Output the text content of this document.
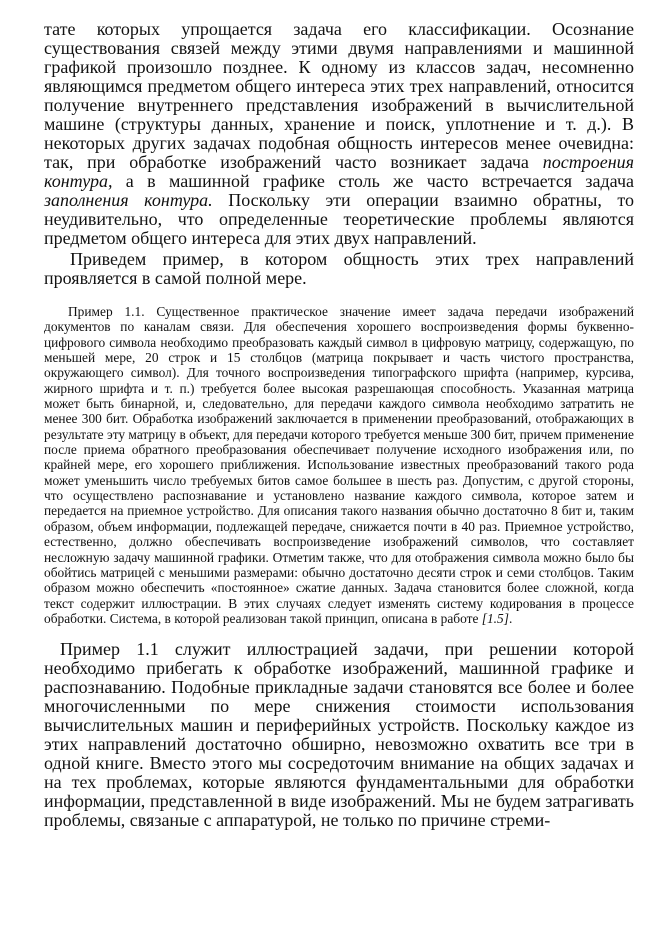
тате которых упрощается задача его классификации. Осознание существования связей между этими двумя направлениями и машинной графикой произошло позднее. К одному из классов задач, несомненно являющимся предметом общего интереса этих трех направлений, относится получение внутреннего представления изображений в вычислительной машине (структуры данных, хранение и поиск, уплотнение и т. д.). В некоторых других задачах подобная общность интересов менее очевидна: так, при обработке изображений часто возникает задача построения контура, а в машинной графике столь же часто встречается задача заполнения контура. Поскольку эти операции взаимно обратны, то неудивительно, что определенные теоретические проблемы являются предметом общего интереса для этих двух направлений.

Приведем пример, в котором общность этих трех направлений проявляется в самой полной мере.

Пример 1.1. Существенное практическое значение имеет задача передачи изображений документов по каналам связи. Для обеспечения хорошего воспроизведения формы буквенно-цифрового символа необходимо преобразовать каждый символ в цифровую матрицу, содержащую, по меньшей мере, 20 строк и 15 столбцов (матрица покрывает и часть чистого пространства, окружающего символ). Для точного воспроизведения типографского шрифта (например, курсива, жирного шрифта и т. п.) требуется более высокая разрешающая способность. Указанная матрица может быть бинарной, и, следовательно, для передачи каждого символа необходимо затратить не менее 300 бит. Обработка изображений заключается в применении преобразований, отображающих в результате эту матрицу в объект, для передачи которого требуется меньше 300 бит, причем применение после приема обратного преобразования обеспечивает получение исходного изображения или, по крайней мере, его хорошего приближения. Использование известных преобразований такого рода может уменьшить число требуемых битов самое большее в шесть раз. Допустим, с другой стороны, что осуществлено распознавание и установлено название каждого символа, которое затем и передается на приемное устройство. Для описания такого названия обычно достаточно 8 бит и, таким образом, объем информации, подлежащей передаче, снижается почти в 40 раз. Приемное устройство, естественно, должно обеспечивать воспроизведение изображений символов, что составляет несложную задачу машинной графики. Отметим также, что для отображения символа можно было бы обойтись матрицей с меньшими размерами: обычно достаточно десяти строк и семи столбцов. Таким образом можно обеспечить «постоянное» сжатие данных. Задача становится более сложной, когда текст содержит иллюстрации. В этих случаях следует изменять систему кодирования в процессе обработки. Система, в которой реализован такой принцип, описана в работе [1.5].

Пример 1.1 служит иллюстрацией задачи, при решении которой необходимо прибегать к обработке изображений, машинной графике и распознаванию. Подобные прикладные задачи становятся все более и более многочисленными по мере снижения стоимости использования вычислительных машин и периферийных устройств. Поскольку каждое из этих направлений достаточно обширно, невозможно охватить все три в одной книге. Вместо этого мы сосредоточим внимание на общих задачах и на тех проблемах, которые являются фундаментальными для обработки информации, представленной в виде изображений. Мы не будем затрагивать проблемы, связаные с аппаратурой, не только по причине стреми-
